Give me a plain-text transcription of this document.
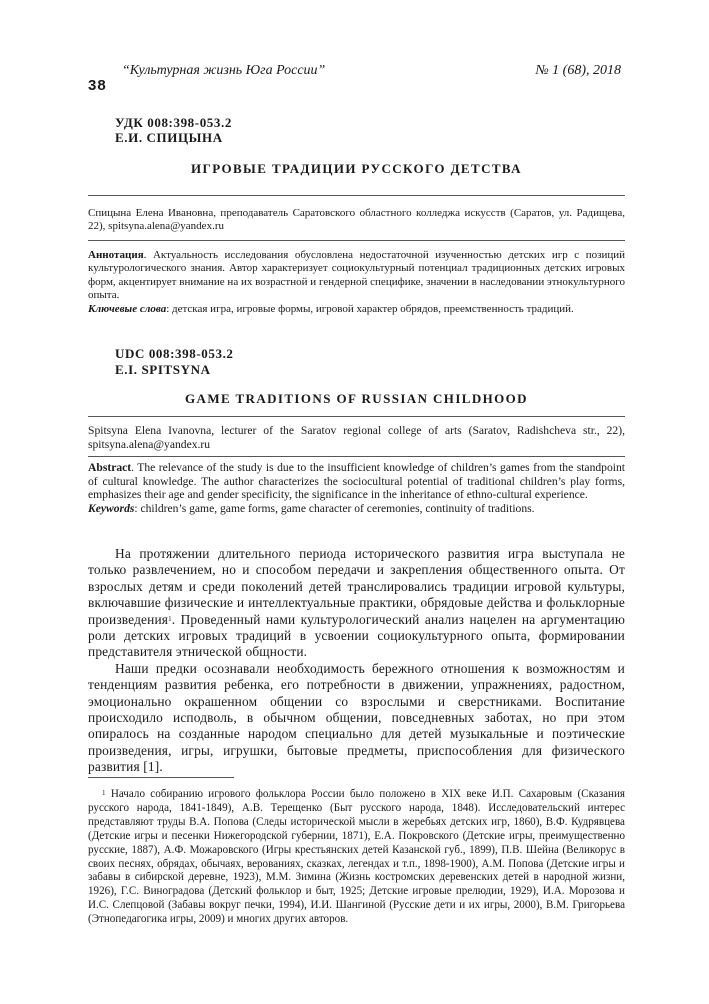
“Культурная жизнь Юга России”	№ 1 (68), 2018
38
УДК 008:398-053.2
Е.И. СПИЦЫНА
ИГРОВЫЕ ТРАДИЦИИ РУССКОГО ДЕТСТВА
Спицына Елена Ивановна, преподаватель Саратовского областного колледжа искусств (Саратов, ул. Радищева, 22), spitsyna.alena@yandex.ru
Аннотация. Актуальность исследования обусловлена недостаточной изученностью детских игр с позиций культурологического знания. Автор характеризует социокультурный потенциал традиционных детских игровых форм, акцентирует внимание на их возрастной и гендерной специфике, значении в наследовании этнокультурного опыта.
Ключевые слова: детская игра, игровые формы, игровой характер обрядов, преемственность традиций.
UDC 008:398-053.2
E.I. SPITSYNA
GAME TRADITIONS OF RUSSIAN CHILDHOOD
Spitsyna Elena Ivanovna, lecturer of the Saratov regional college of arts (Saratov, Radishcheva str., 22), spitsyna.alena@yandex.ru
Abstract. The relevance of the study is due to the insufficient knowledge of children’s games from the standpoint of cultural knowledge. The author characterizes the sociocultural potential of traditional children’s play forms, emphasizes their age and gender specificity, the significance in the inheritance of ethno-cultural experience.
Keywords: children’s game, game forms, game character of ceremonies, continuity of traditions.

На протяжении длительного периода исторического развития игра выступала не только развлечением, но и способом передачи и закрепления общественного опыта. От взрослых детям и среди поколений детей транслировались традиции игровой культуры, включавшие физические и интеллектуальные практики, обрядовые действа и фольклорные произведения$^1$. Проведенный нами культурологический анализ нацелен на аргументацию роли детских игровых традиций в усвоении социокультурного опыта, формировании представителя этнической общности.

Наши предки осознавали необходимость бережного отношения к возможностям и тенденциям развития ребенка, его потребности в движении, упражнениях, радостном, эмоционально окрашенном общении со взрослыми и сверстниками. Воспитание происходило исподволь, в обычном общении, повседневных заботах, но при этом опиралось на созданные народом специально для детей музыкальные и поэтические произведения, игры, игрушки, бытовые предметы, приспособления для физического развития [1].

$^1$ Начало собиранию игрового фольклора России было положено в XIX веке И.П. Сахаровым (Сказания русского народа, 1841-1849), А.В. Терещенко (Быт русского народа, 1848). Исследовательский интерес представляют труды В.А. Попова (Следы исторической мысли в жеребьях детских игр, 1860), В.Ф. Кудрявцева (Детские игры и песенки Нижегородской губернии, 1871), Е.А. Покровского (Детские игры, преимущественно русские, 1887), А.Ф. Можаровского (Игры крестьянских детей Казанской губ., 1899), П.В. Шейна (Великорус в своих песнях, обрядах, обычаях, верованиях, сказках, легендах и т.п., 1898-1900), А.М. Попова (Детские игры и забавы в сибирской деревне, 1923), М.М. Зимина (Жизнь костромских деревенских детей в народной жизни, 1926), Г.С. Виноградова (Детский фольклор и быт, 1925; Детские игровые прелюдии, 1929), И.А. Морозова и И.С. Слепцовой (Забавы вокруг печки, 1994), И.И. Шангиной (Русские дети и их игры, 2000), В.М. Григорьева (Этнопедагогика игры, 2009) и многих других авторов.
